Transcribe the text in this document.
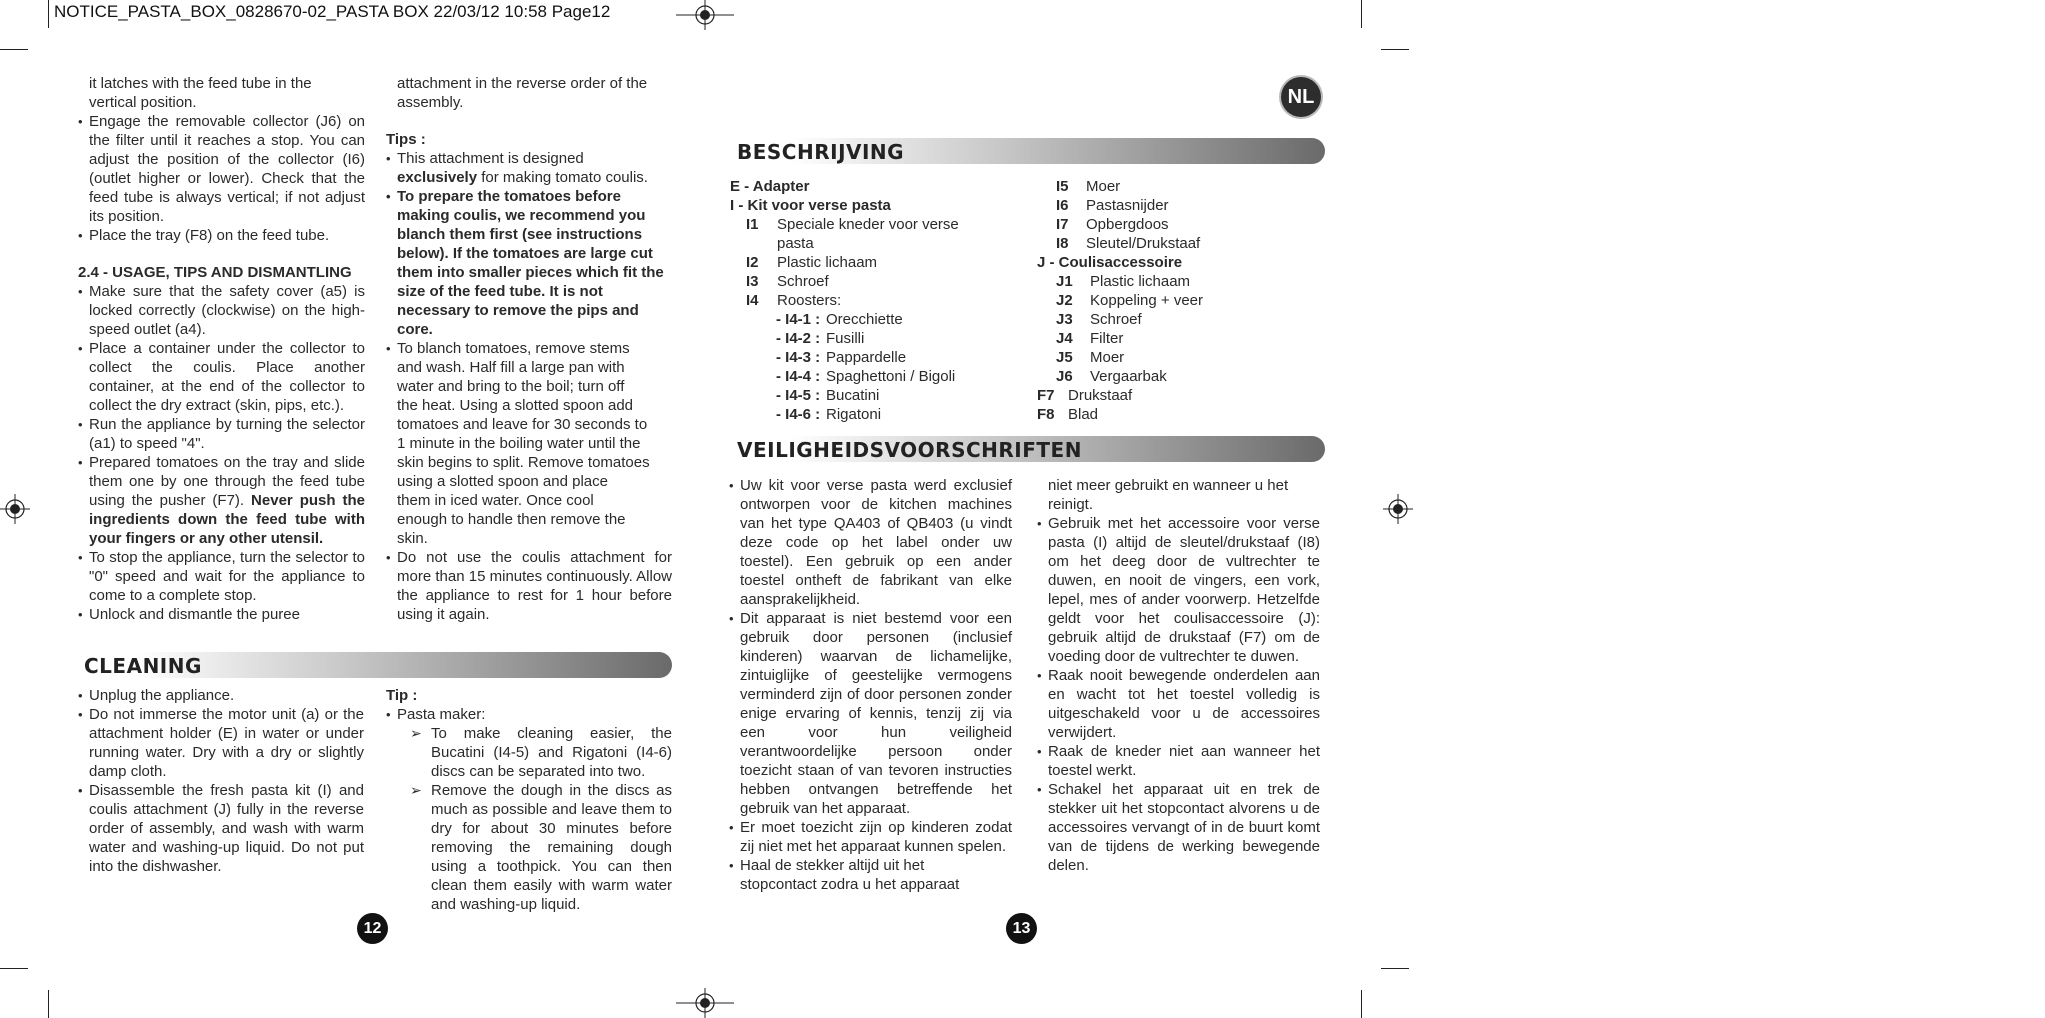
NOTICE_PASTA_BOX_0828670-02_PASTA BOX 22/03/12 10:58 Page12

it latches with the feed tube in the

vertical position.

• Engage the removable collector (J6) on the filter until it reaches a stop. You can adjust the position of the collector (I6) (outlet higher or lower). Check that the feed tube is always vertical; if not adjust its position.

• Place the tray (F8) on the feed tube.

2.4 - USAGE, TIPS AND DISMANTLING

• Make sure that the safety cover (a5) is locked correctly (clockwise) on the high-speed outlet (a4).

• Place a container under the collector to collect the coulis. Place another container, at the end of the collector to collect the dry extract (skin, pips, etc.).

• Run the appliance by turning the selector (a1) to speed "4".

• Prepared tomatoes on the tray and slide them one by one through the feed tube using the pusher (F7). Never push the ingredients down the feed tube with your fingers or any other utensil.

• To stop the appliance, turn the selector to "0" speed and wait for the appliance to come to a complete stop.

• Unlock and dismantle the puree

attachment in the reverse order of the

assembly.

Tips :

• This attachment is designed
exclusively for making tomato coulis.

• To prepare the tomatoes before making coulis, we recommend you blanch them first (see instructions below). If the tomatoes are large cut them into smaller pieces which fit the size of the feed tube. It is not necessary to remove the pips and core.

• To blanch tomatoes, remove stems
and wash. Half fill a large pan with
water and bring to the boil; turn off
the heat. Using a slotted spoon add
tomatoes and leave for 30 seconds to
1 minute in the boiling water until the
skin begins to split. Remove tomatoes
using a slotted spoon and place
them in iced water. Once cool
enough to handle then remove the
skin.

• Do not use the coulis attachment for more than 15 minutes continuously. Allow the appliance to rest for 1 hour before using it again.

CLEANING

• Unplug the appliance.

• Do not immerse the motor unit (a) or the attachment holder (E) in water or under running water. Dry with a dry or slightly damp cloth.

• Disassemble the fresh pasta kit (I) and coulis attachment (J) fully in the reverse order of assembly, and wash with warm water and washing-up liquid. Do not put into the dishwasher.

Tip :

• Pasta maker:

➢ To make cleaning easier, the Bucatini (I4-5) and Rigatoni (I4-6) discs can be separated into two.

➢ Remove the dough in the discs as much as possible and leave them to dry for about 30 minutes before removing the remaining dough using a toothpick. You can then clean them easily with warm water and washing-up liquid.

12
NL
BESCHRIJVING
E - Adapter
I - Kit voor verse pasta
I1 Speciale kneder voor verse
pasta
I2 Plastic lichaam
I3 Schroef
I4 Roosters:
- I4-1 : Orecchiette
- I4-2 : Fusilli
- I4-3 : Pappardelle
- I4-4 : Spaghettoni / Bigoli
- I4-5 : Bucatini
- I4-6 : Rigatoni
I5 Moer
I6 Pastasnijder
I7 Opbergdoos
I8 Sleutel/Drukstaaf
J - Coulisaccessoire
J1 Plastic lichaam
J2 Koppeling + veer
J3 Schroef
J4 Filter
J5 Moer
J6 Vergaarbak
F7 Drukstaaf
F8 Blad
VEILIGHEIDSVOORSCHRIFTEN

• Uw kit voor verse pasta werd exclusief ontworpen voor de kitchen machines van het type QA403 of QB403 (u vindt deze code op het label onder uw toestel). Een gebruik op een ander toestel ontheft de fabrikant van elke aansprakelijkheid.

• Dit apparaat is niet bestemd voor een gebruik door personen (inclusief kinderen) waarvan de lichamelijke, zintuiglijke of geestelijke vermogens verminderd zijn of door personen zonder enige ervaring of kennis, tenzij zij via een voor hun veiligheid verantwoordelijke persoon onder toezicht staan of van tevoren instructies hebben ontvangen betreffende het gebruik van het apparaat.

• Er moet toezicht zijn op kinderen zodat zij niet met het apparaat kunnen spelen.

• Haal de stekker altijd uit het
stopcontact zodra u het apparaat
niet meer gebruikt en wanneer u het
reinigt.

• Gebruik met het accessoire voor verse pasta (I) altijd de sleutel/drukstaaf (I8) om het deeg door de vultrechter te duwen, en nooit de vingers, een vork, lepel, mes of ander voorwerp. Hetzelfde geldt voor het coulisaccessoire (J): gebruik altijd de drukstaaf (F7) om de voeding door de vultrechter te duwen.

• Raak nooit bewegende onderdelen aan en wacht tot het toestel volledig is uitgeschakeld voor u de accessoires verwijdert.

• Raak de kneder niet aan wanneer het toestel werkt.

• Schakel het apparaat uit en trek de stekker uit het stopcontact alvorens u de accessoires vervangt of in de buurt komt van de tijdens de werking bewegende delen.

13
